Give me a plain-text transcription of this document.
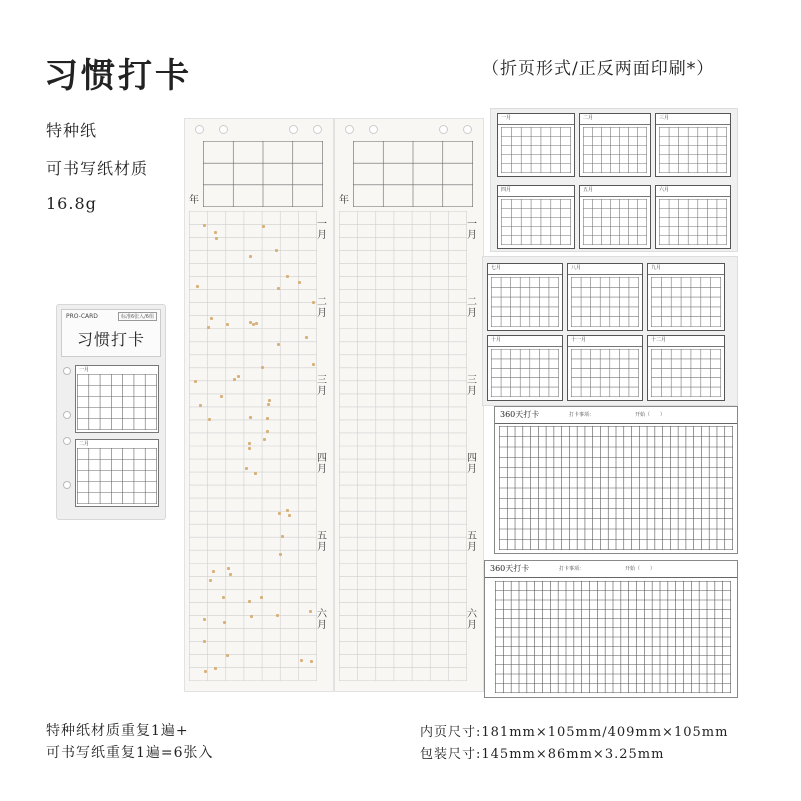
习惯打卡	（折页形式/正反两面印刷*）
特种纸
可书写纸材质
16.8g
PRO-CARD	标准6张入/6组
习惯打卡
一月
二月
年
一月
二月
三月
四月
五月
六月
年
一月
二月
三月
四月
五月
六月
一月	二月	三月
四月	五月	六月
七月	八月	九月
十月	十一月	十二月
360天打卡	打卡事项：	开始（　　）
360天打卡	打卡事项：	开始（　　）
特种纸材质重复1遍+
可书写纸重复1遍=6张入
内页尺寸:181mm×105mm/409mm×105mm
包装尺寸:145mm×86mm×3.25mm
